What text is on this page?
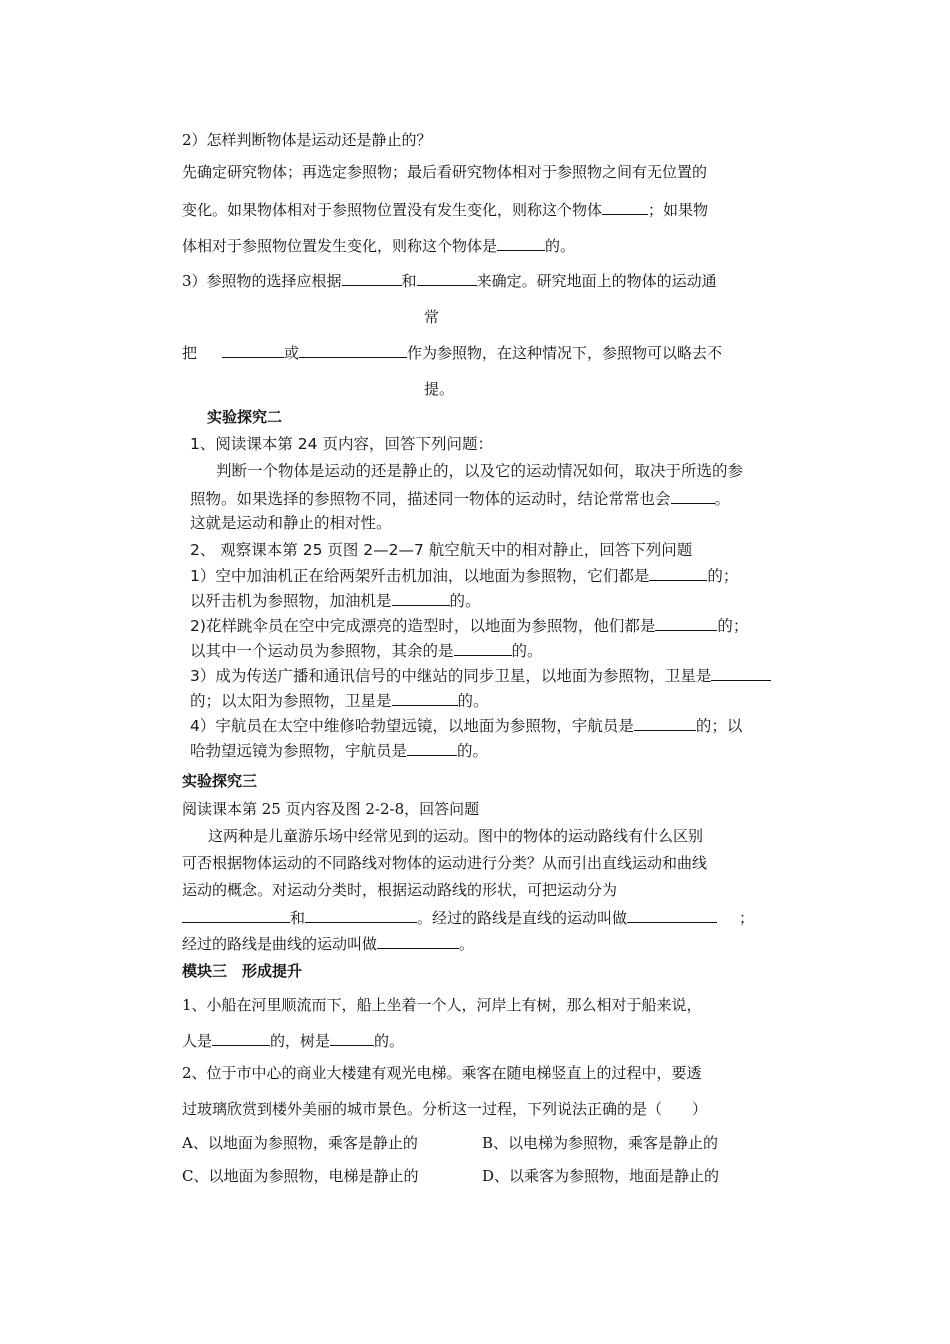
2）怎样判断物体是运动还是静止的？
先确定研究物体；再选定参照物；最后看研究物体相对于参照物之间有无位置的
变化。如果物体相对于参照物位置没有发生变化，则称这个物体	；如果物
体相对于参照物位置发生变化，则称这个物体是	的。
3）参照物的选择应根据	和	来确定。研究地面上的物体的运动通
常
把	或	作为参照物，在这种情况下，参照物可以略去不
提。
实验探究二
1、阅读课本第 24 页内容，回答下列问题：
判断一个物体是运动的还是静止的，以及它的运动情况如何，取决于所选的参
照物。如果选择的参照物不同，描述同一物体的运动时，结论常常也会	。
这就是运动和静止的相对性。
2、 观察课本第 25 页图 2—2—7 航空航天中的相对静止，回答下列问题
1）空中加油机正在给两架歼击机加油，以地面为参照物，它们都是	的；
以歼击机为参照物，加油机是	的。
2)花样跳伞员在空中完成漂亮的造型时，以地面为参照物，他们都是	的；
以其中一个运动员为参照物，其余的是	的。
3）成为传送广播和通讯信号的中继站的同步卫星，以地面为参照物，卫星是
的；以太阳为参照物，卫星是	的。
4）宇航员在太空中维修哈勃望远镜，以地面为参照物，宇航员是	的；以
哈勃望远镜为参照物，宇航员是	的。
实验探究三
阅读课本第 25 页内容及图 2-2-8，回答问题
这两种是儿童游乐场中经常见到的运动。图中的物体的运动路线有什么区别
可否根据物体运动的不同路线对物体的运动进行分类？从而引出直线运动和曲线
运动的概念。对运动分类时，根据运动路线的形状，可把运动分为
和	。经过的路线是直线的运动叫做	；
经过的路线是曲线的运动叫做	。
模块三　形成提升
1、小船在河里顺流而下，船上坐着一个人，河岸上有树，那么相对于船来说，
人是	的，树是	的。
2、位于市中心的商业大楼建有观光电梯。乘客在随电梯竖直上的过程中，要透
过玻璃欣赏到楼外美丽的城市景色。分析这一过程，下列说法正确的是（　　）
A、以地面为参照物，乘客是静止的	B、以电梯为参照物，乘客是静止的
C、以地面为参照物，电梯是静止的	D、以乘客为参照物，地面是静止的
